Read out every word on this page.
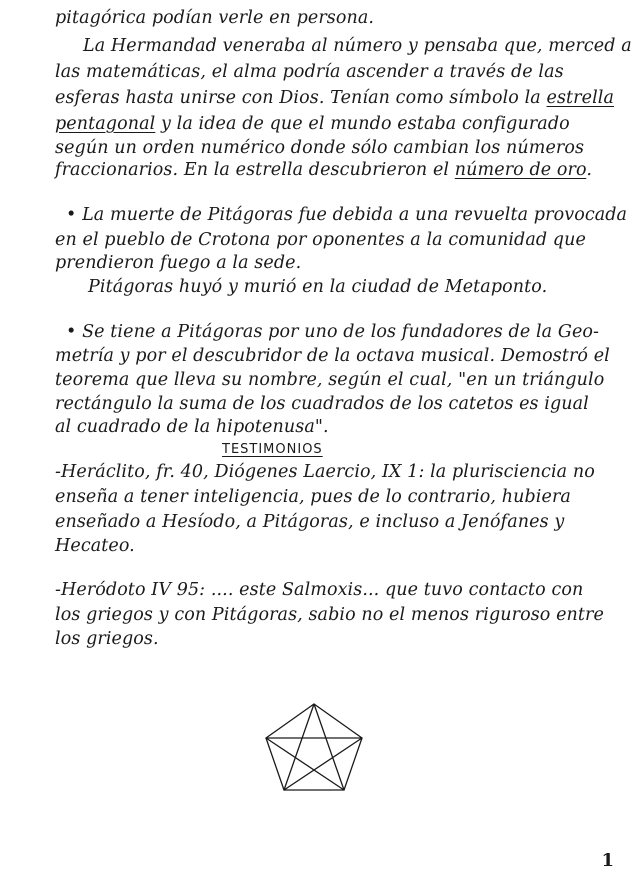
pitagórica podían verle en persona.
La Hermandad veneraba al número y pensaba que, merced a
las matemáticas, el alma podría ascender a través de las
esferas hasta unirse con Dios. Tenían como símbolo la estrella
pentagonal y la idea de que el mundo estaba configurado
según un orden numérico donde sólo cambian los números
fraccionarios. En la estrella descubrieron el número de oro.
• La muerte de Pitágoras fue debida a una revuelta provocada
en el pueblo de Crotona por oponentes a la comunidad que
prendieron fuego a la sede.
Pitágoras huyó y murió en la ciudad de Metaponto.
• Se tiene a Pitágoras por uno de los fundadores de la Geo-
metría y por el descubridor de la octava musical. Demostró el
teorema que lleva su nombre, según el cual, "en un triángulo
rectángulo la suma de los cuadrados de los catetos es igual
al cuadrado de la hipotenusa".
TESTIMONIOS
-Heráclito, fr. 40, Diógenes Laercio, IX 1: la plurisciencia no
enseña a tener inteligencia, pues de lo contrario, hubiera
enseñado a Hesíodo, a Pitágoras, e incluso a Jenófanes y
Hecateo.
-Heródoto IV 95: .... este Salmoxis... que tuvo contacto con
los griegos y con Pitágoras, sabio no el menos riguroso entre
los griegos.
1
